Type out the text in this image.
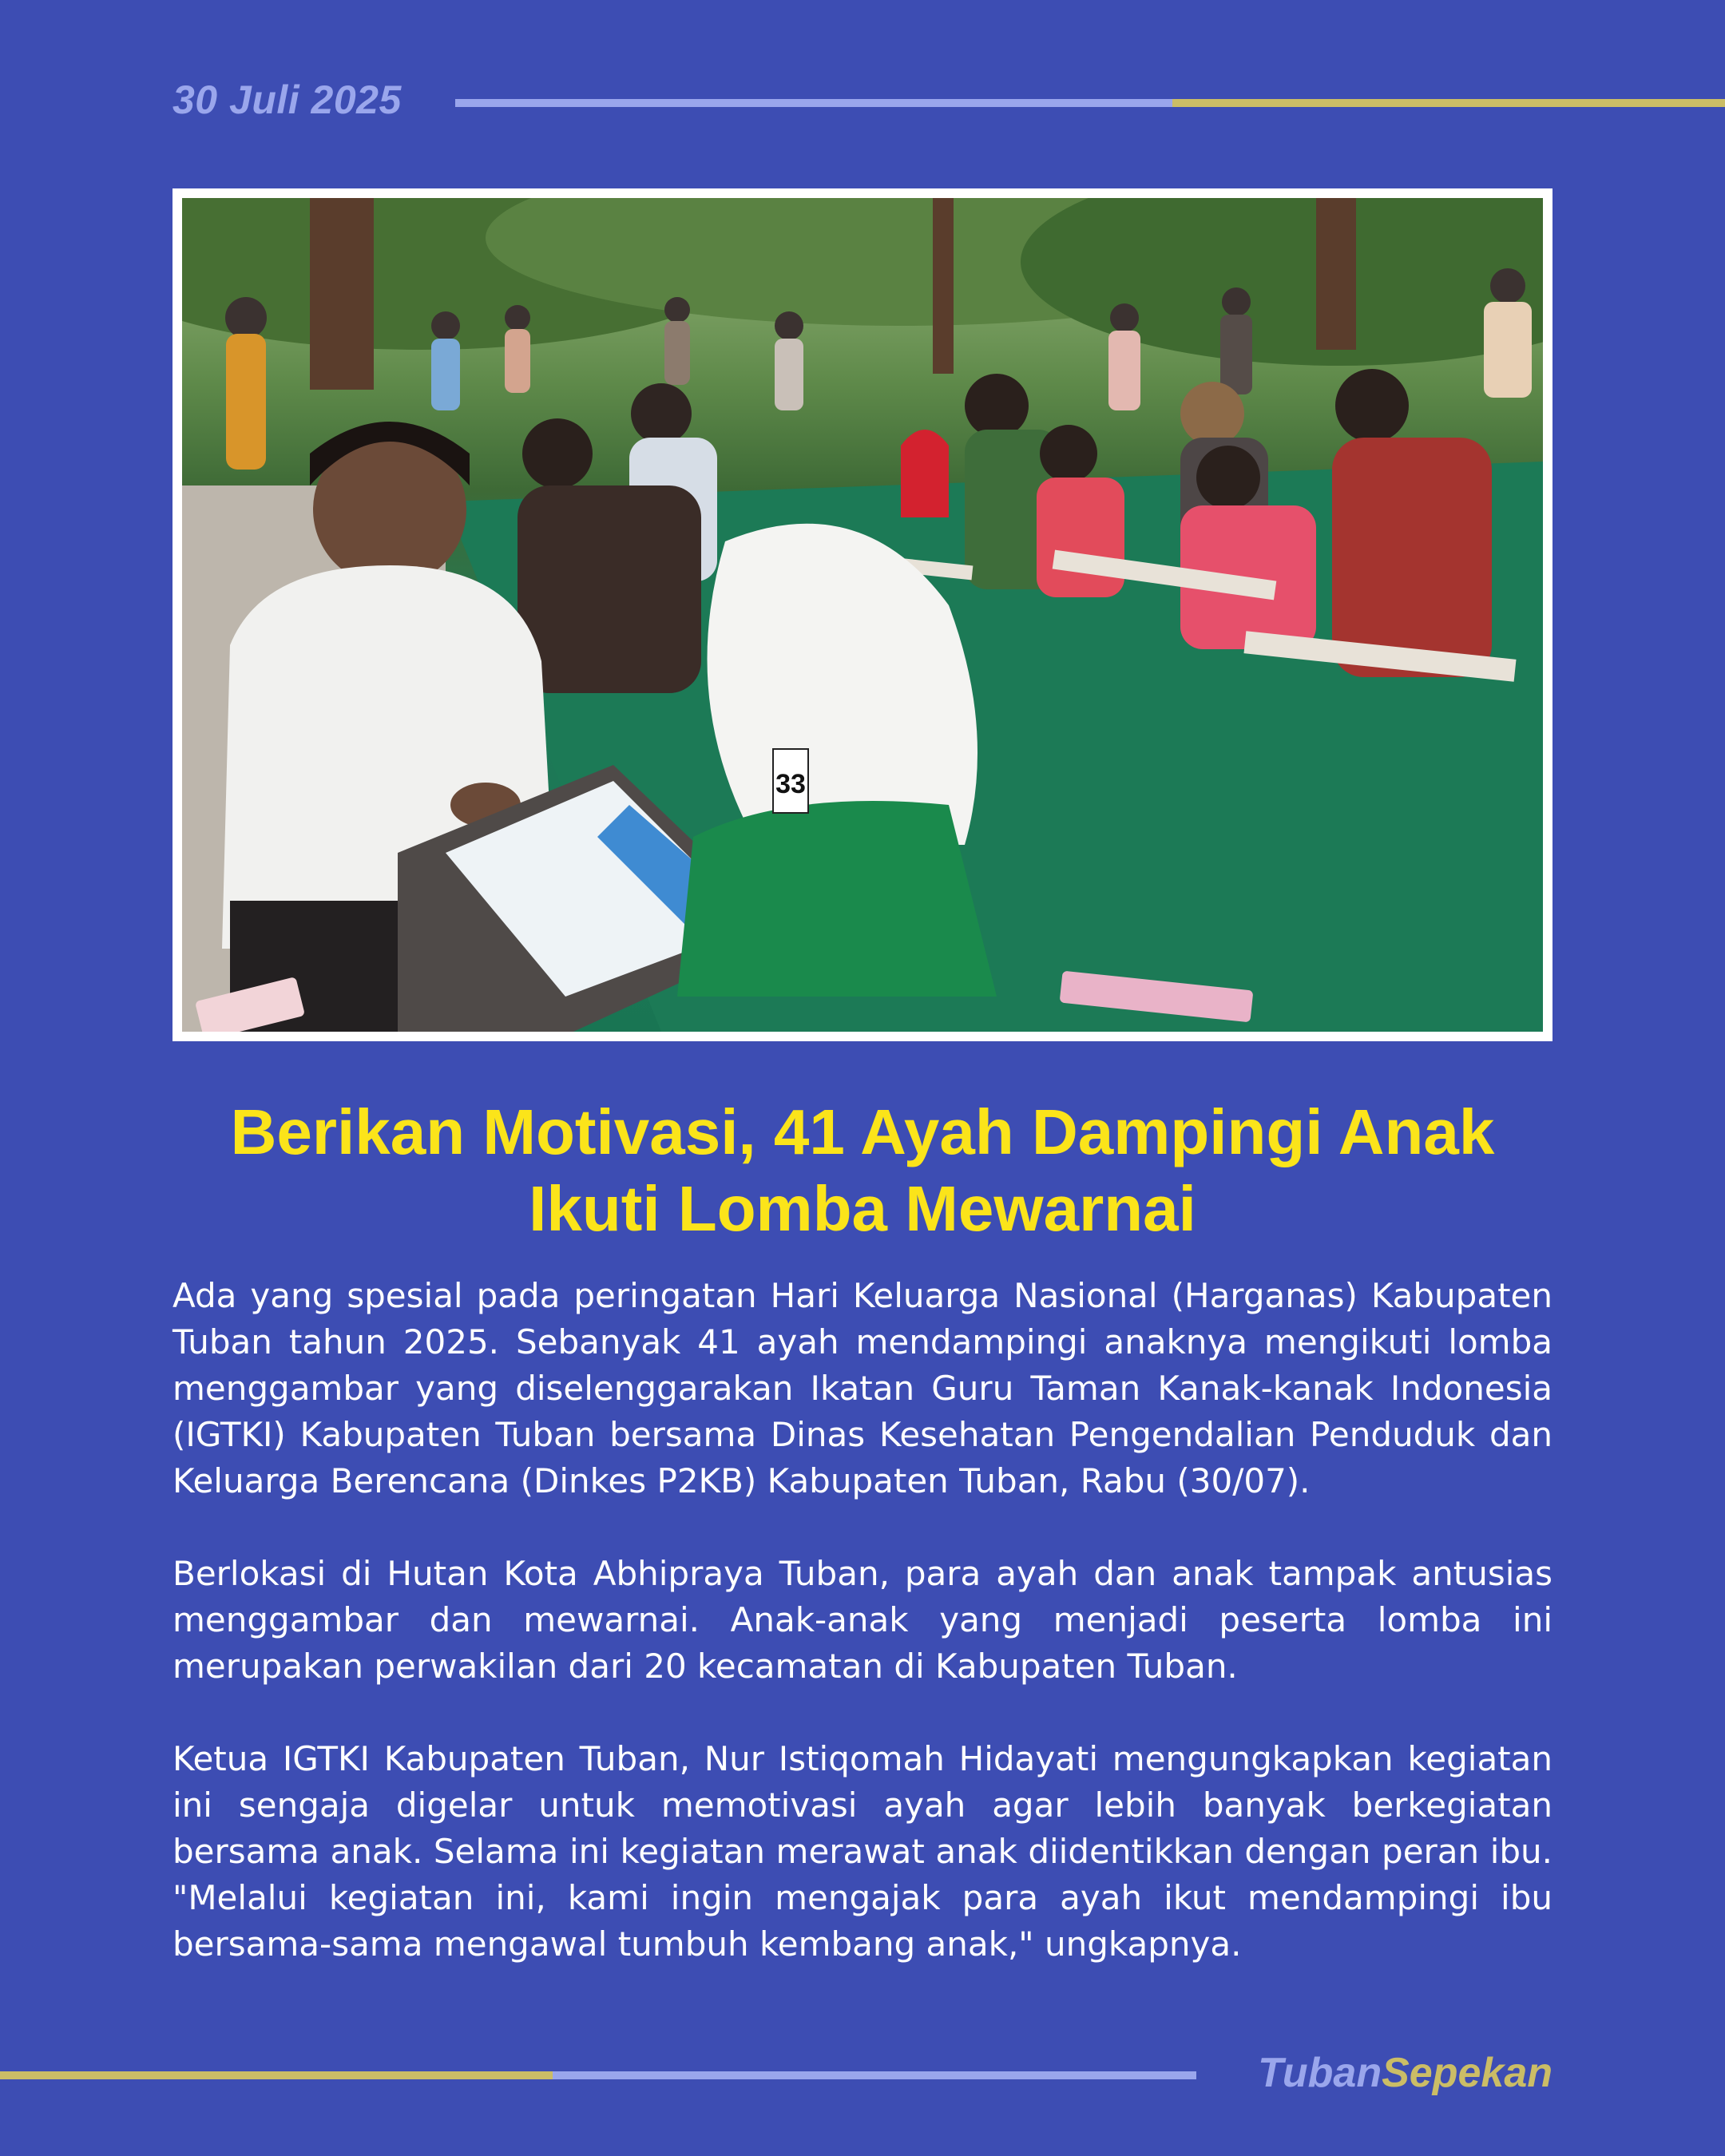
30 Juli 2025
33
Berikan Motivasi, 41 Ayah Dampingi Anak
Ikuti Lomba Mewarnai

Ada yang spesial pada peringatan Hari Keluarga Nasional (Harganas) Kabupaten Tuban tahun 2025. Sebanyak 41 ayah mendampingi anaknya mengikuti lomba menggambar yang diselenggarakan Ikatan Guru Taman Kanak-kanak Indonesia (IGTKI) Kabupaten Tuban bersama Dinas Kesehatan Pengendalian Penduduk dan Keluarga Berencana (Dinkes P2KB) Kabupaten Tuban, Rabu (30/07).

Berlokasi di Hutan Kota Abhipraya Tuban, para ayah dan anak tampak antusias menggambar dan mewarnai. Anak-anak yang menjadi peserta lomba ini merupakan perwakilan dari 20 kecamatan di Kabupaten Tuban.

Ketua IGTKI Kabupaten Tuban, Nur Istiqomah Hidayati mengungkapkan kegiatan ini sengaja digelar untuk memotivasi ayah agar lebih banyak berkegiatan bersama anak. Selama ini kegiatan merawat anak diidentikkan dengan peran ibu. "Melalui kegiatan ini, kami ingin mengajak para ayah ikut mendampingi ibu bersama-sama mengawal tumbuh kembang anak," ungkapnya.

TubanSepekan
